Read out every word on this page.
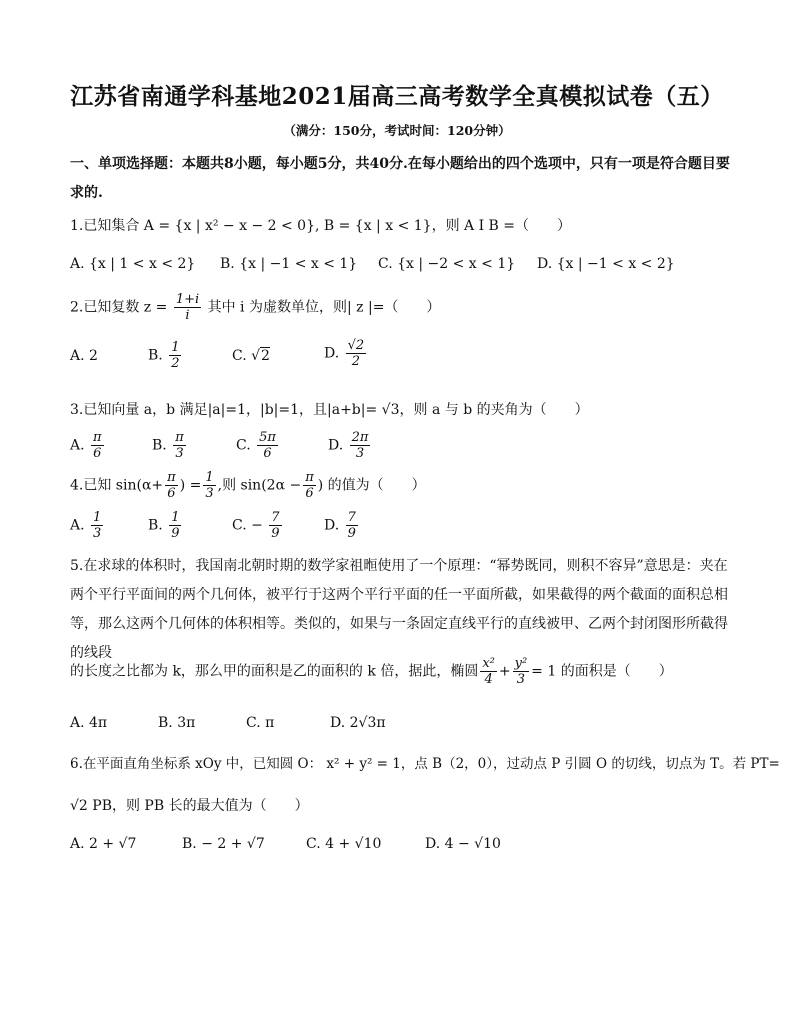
江苏省南通学科基地2021届高三高考数学全真模拟试卷（五）
（满分：150分，考试时间：120分钟）
一、单项选择题：本题共8小题，每小题5分，共40分.在每小题给出的四个选项中，只有一项是符合题目要求的.
1.已知集合 A = {x | x² − x − 2 < 0}, B = {x | x < 1}，则 A I B =（　　）
A. {x | 1 < x < 2} B. {x | −1 < x < 1} C. {x | −2 < x < 1} D. {x | −1 < x < 2}
2.已知复数 $z = \frac{1+i}{i}$ 其中 i 为虚数单位，则| z |=（　　）
A. 2	B. $\frac{1}{2}$	C. √2	D. $\frac{√2}{2}$
3.已知向量 a，b 满足|a|=1，|b|=1，且|a+b|= √3，则 a 与 b 的夹角为（　　）
A. $\frac{\pi}{6}$	B. $\frac{\pi}{3}$	C. $\frac{5\pi}{6}$	D. $\frac{2\pi}{3}$
4.已知 $\sin(\alpha+ \frac{\pi}{6}$ ) = $\frac{1}{3}$ ,则 $\sin(2\alpha - \frac{\pi}{6}$ ) 的值为（　　）
A. $\frac{1}{3}$	B. $\frac{1}{9}$	C. − $\frac{7}{9}$	D. $\frac{7}{9}$
5.在求球的体积时，我国南北朝时期的数学家祖暅使用了一个原理：“幂势既同，则积不容异”意思是：夹在两个平行平面间的两个几何体，被平行于这两个平行平面的任一平面所截，如果截得的两个截面的面积总相等，那么这两个几何体的体积相等。类似的，如果与一条固定直线平行的直线被甲、乙两个封闭图形所截得的线段
的长度之比都为 k，那么甲的面积是乙的面积的 k 倍，据此，椭圆 $\frac{\text{x²}}{4} + \frac{\text{y²}}{3} = 1$ 的面积是（　　）
A. 4π	B. 3π	C. π	D. 2√3π
6.在平面直角坐标系 xOy 中，已知圆 O： x² + y² = 1，点 B（2，0），过动点 P 引圆 O 的切线，切点为 T。若 PT=
√2 PB，则 PB 长的最大值为（　　）
A. 2 + √7	B. − 2 + √7	C. 4 + √10	D. 4 − √10
